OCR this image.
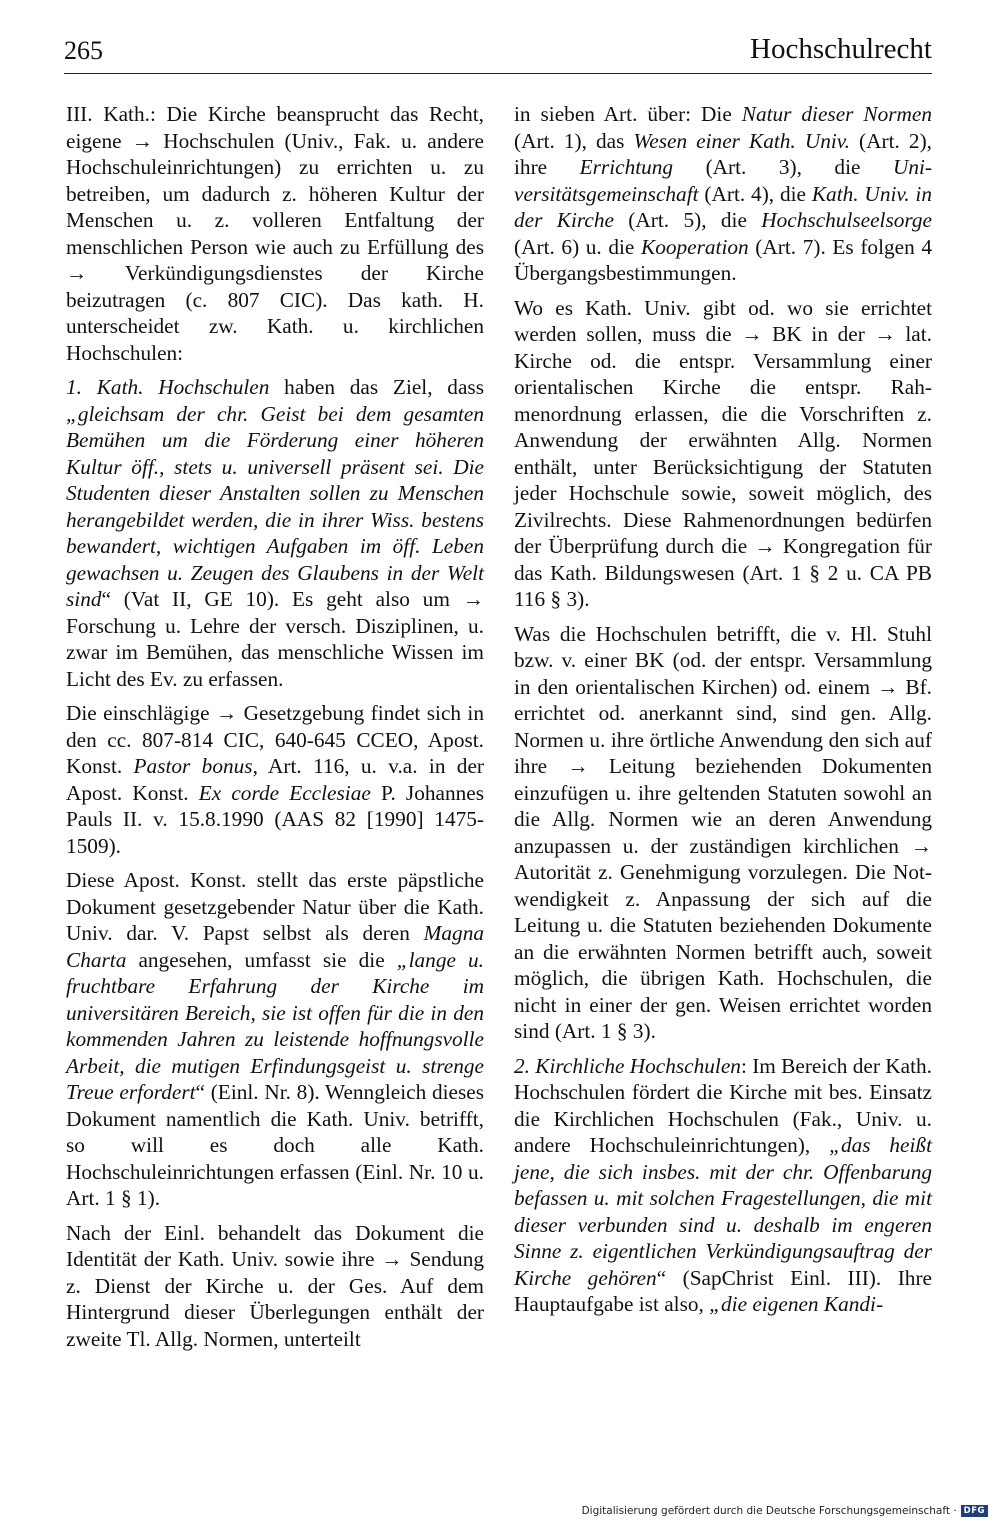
265	Hochschulrecht

III. Kath.: Die Kirche beansprucht das Recht, eigene → Hochschulen (Univ., Fak. u. andere Hochschuleinrichtungen) zu errichten u. zu betreiben, um dadurch z. höheren Kultur der Menschen u. z. volleren Entfaltung der menschlichen Person wie auch zu Erfüllung des → Verkündigungsdienstes der Kirche beizutragen (c. 807 CIC). Das kath. H. unterscheidet zw. Kath. u. kirchlichen Hochschulen:

1. Kath. Hochschulen haben das Ziel, dass „gleichsam der chr. Geist bei dem gesamten Bemühen um die Förderung einer höheren Kultur öff., stets u. universell präsent sei. Die Studenten dieser Anstalten sollen zu Menschen herangebildet werden, die in ihrer Wiss. bestens bewandert, wichtigen Aufgaben im öff. Leben gewachsen u. Zeugen des Glaubens in der Welt sind“ (Vat II, GE 10). Es geht also um → Forschung u. Lehre der versch. Disziplinen, u. zwar im Bemühen, das menschliche Wissen im Licht des Ev. zu erfassen.

Die einschlägige → Gesetzgebung findet sich in den cc. 807-814 CIC, 640-645 CCEO, Apost. Konst. Pastor bonus, Art. 116, u. v.a. in der Apost. Konst. Ex corde Ecclesiae P. Johannes Pauls II. v. 15.8.1990 (AAS 82 [1990] 1475-1509).

Diese Apost. Konst. stellt das erste päpstliche Dokument gesetzgebender Natur über die Kath. Univ. dar. V. Papst selbst als deren Magna Charta angesehen, umfasst sie die „lange u. fruchtbare Erfahrung der Kirche im universitären Bereich, sie ist offen für die in den kommenden Jahren zu leistende hoffnungsvolle Arbeit, die mutigen Erfindungsgeist u. strenge Treue erfordert“ (Einl. Nr. 8). Wenngleich dieses Dokument namentlich die Kath. Univ. betrifft, so will es doch alle Kath. Hochschuleinrichtungen erfassen (Einl. Nr. 10 u. Art. 1 § 1).

Nach der Einl. behandelt das Dokument die Identität der Kath. Univ. sowie ihre → Sendung z. Dienst der Kirche u. der Ges. Auf dem Hintergrund dieser Überlegungen enthält der zweite Tl. Allg. Normen, unterteilt

in sieben Art. über: Die Natur dieser Normen (Art. 1), das Wesen einer Kath. Univ. (Art. 2), ihre Errichtung (Art. 3), die Universitätsgemeinschaft (Art. 4), die Kath. Univ. in der Kirche (Art. 5), die Hochschulseelsorge (Art. 6) u. die Kooperation (Art. 7). Es folgen 4 Übergangsbestimmungen.

Wo es Kath. Univ. gibt od. wo sie errichtet werden sollen, muss die → BK in der → lat. Kirche od. die entspr. Versammlung einer orientalischen Kirche die entspr. Rahmenordnung erlassen, die die Vorschriften z. Anwendung der erwähnten Allg. Normen enthält, unter Berücksichtigung der Statuten jeder Hochschule sowie, soweit möglich, des Zivilrechts. Diese Rahmenordnungen bedürfen der Überprüfung durch die → Kongregation für das Kath. Bildungswesen (Art. 1 § 2 u. CA PB 116 § 3).

Was die Hochschulen betrifft, die v. Hl. Stuhl bzw. v. einer BK (od. der entspr. Versammlung in den orientalischen Kirchen) od. einem → Bf. errichtet od. anerkannt sind, sind gen. Allg. Normen u. ihre örtliche Anwendung den sich auf ihre → Leitung beziehenden Dokumenten einzufügen u. ihre geltenden Statuten sowohl an die Allg. Normen wie an deren Anwendung anzupassen u. der zuständigen kirchlichen → Autorität z. Genehmigung vorzulegen. Die Notwendigkeit z. Anpassung der sich auf die Leitung u. die Statuten beziehenden Dokumente an die erwähnten Normen betrifft auch, soweit möglich, die übrigen Kath. Hochschulen, die nicht in einer der gen. Weisen errichtet worden sind (Art. 1 § 3).

2. Kirchliche Hochschulen: Im Bereich der Kath. Hochschulen fördert die Kirche mit bes. Einsatz die Kirchlichen Hochschulen (Fak., Univ. u. andere Hochschuleinrichtungen), „das heißt jene, die sich insbes. mit der chr. Offenbarung befassen u. mit solchen Fragestellungen, die mit dieser verbunden sind u. deshalb im engeren Sinne z. eigentlichen Verkündigungsauftrag der Kirche gehören“ (SapChrist Einl. III). Ihre Hauptaufgabe ist also, „die eigenen Kandi-

Digitalisierung gefördert durch die Deutsche Forschungsgemeinschaft · DFG
